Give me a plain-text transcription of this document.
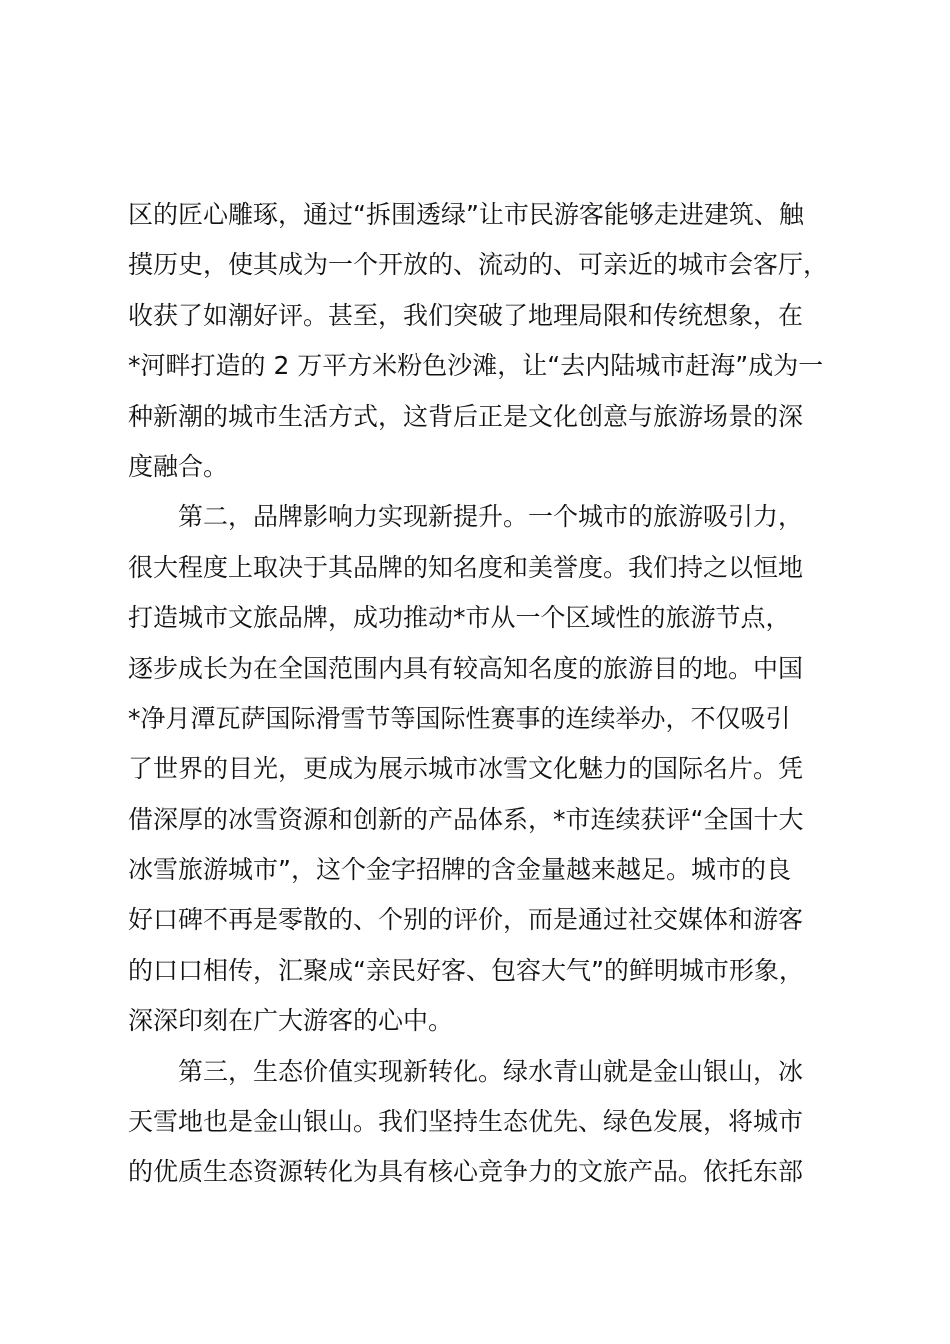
区的匠心雕琢，通过“拆围透绿”让市民游客能够走进建筑、触
摸历史，使其成为一个开放的、流动的、可亲近的城市会客厅，
收获了如潮好评。甚至，我们突破了地理局限和传统想象，在
*河畔打造的 2 万平方米粉色沙滩，让“去内陆城市赶海”成为一
种新潮的城市生活方式，这背后正是文化创意与旅游场景的深
度融合。
第二，品牌影响力实现新提升。一个城市的旅游吸引力，
很大程度上取决于其品牌的知名度和美誉度。我们持之以恒地
打造城市文旅品牌，成功推动*市从一个区域性的旅游节点，
逐步成长为在全国范围内具有较高知名度的旅游目的地。中国
*净月潭瓦萨国际滑雪节等国际性赛事的连续举办，不仅吸引
了世界的目光，更成为展示城市冰雪文化魅力的国际名片。凭
借深厚的冰雪资源和创新的产品体系，*市连续获评“全国十大
冰雪旅游城市”，这个金字招牌的含金量越来越足。城市的良
好口碑不再是零散的、个别的评价，而是通过社交媒体和游客
的口口相传，汇聚成“亲民好客、包容大气”的鲜明城市形象，
深深印刻在广大游客的心中。
第三，生态价值实现新转化。绿水青山就是金山银山，冰
天雪地也是金山银山。我们坚持生态优先、绿色发展，将城市
的优质生态资源转化为具有核心竞争力的文旅产品。依托东部
